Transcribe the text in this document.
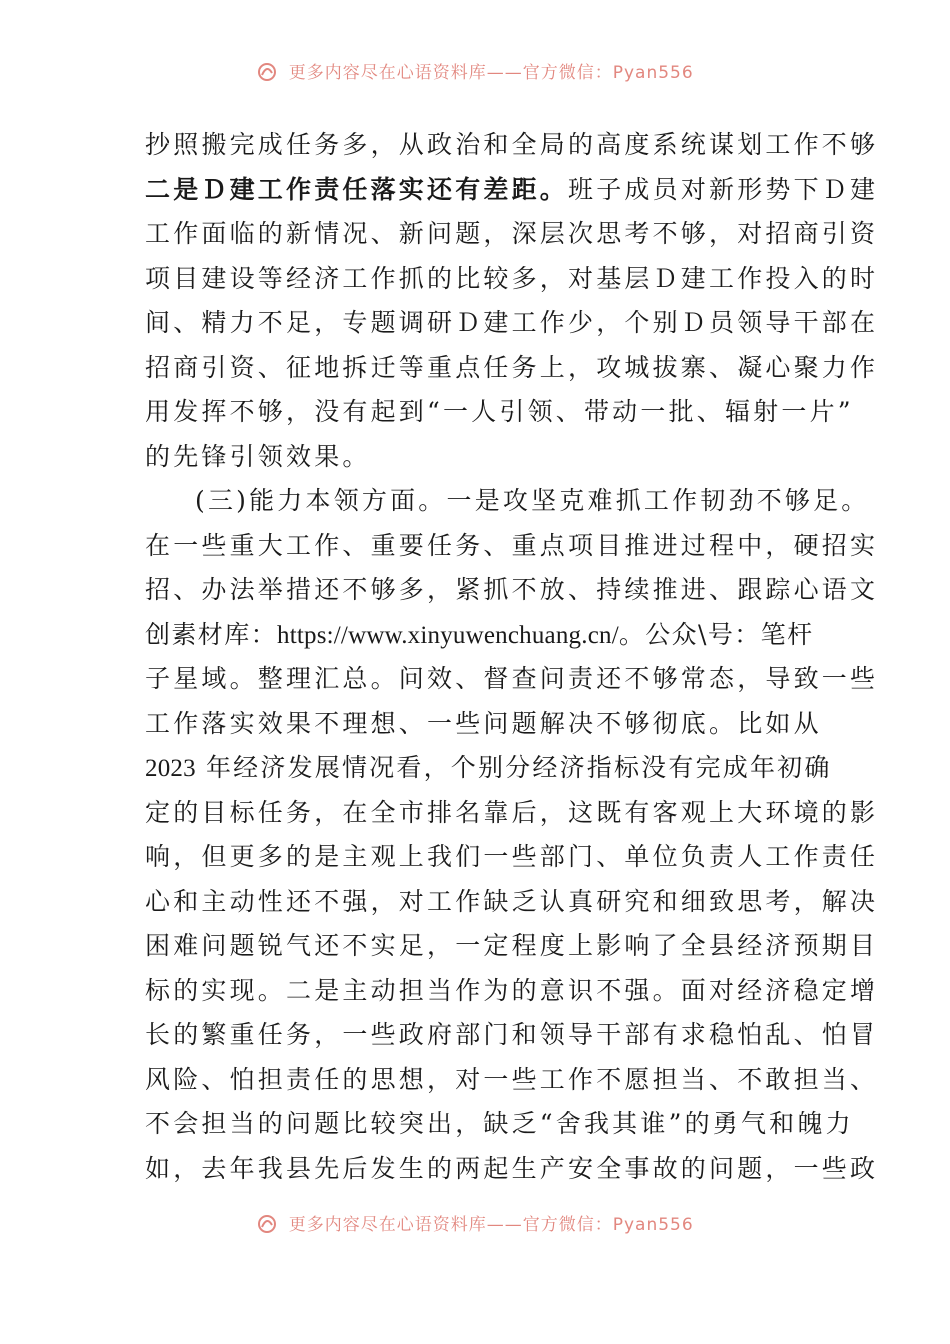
更多内容尽在心语资料库——官方微信：Pyan556
抄照搬完成任务多，从政治和全局的高度系统谋划工作不够
二是Ｄ建工作责任落实还有差距。班子成员对新形势下Ｄ建
工作面临的新情况、新问题，深层次思考不够，对招商引资
项目建设等经济工作抓的比较多，对基层Ｄ建工作投入的时
间、精力不足，专题调研Ｄ建工作少，个别Ｄ员领导干部在
招商引资、征地拆迁等重点任务上，攻城拔寨、凝心聚力作
用发挥不够，没有起到“一人引领、带动一批、辐射一片”
的先锋引领效果。
(三)能力本领方面。一是攻坚克难抓工作韧劲不够足。
在一些重大工作、重要任务、重点项目推进过程中，硬招实
招、办法举措还不够多，紧抓不放、持续推进、跟踪心语文
创素材库：https://www.xinyuwenchuang.cn/。公众\号：笔杆
子星域。整理汇总。问效、督查问责还不够常态，导致一些
工作落实效果不理想、一些问题解决不够彻底。比如从
2023 年经济发展情况看，个别分经济指标没有完成年初确
定的目标任务，在全市排名靠后，这既有客观上大环境的影
响，但更多的是主观上我们一些部门、单位负责人工作责任
心和主动性还不强，对工作缺乏认真研究和细致思考，解决
困难问题锐气还不实足，一定程度上影响了全县经济预期目
标的实现。二是主动担当作为的意识不强。面对经济稳定增
长的繁重任务，一些政府部门和领导干部有求稳怕乱、怕冒
风险、怕担责任的思想，对一些工作不愿担当、不敢担当、
不会担当的问题比较突出，缺乏“舍我其谁”的勇气和魄力
如，去年我县先后发生的两起生产安全事故的问题，一些政
更多内容尽在心语资料库——官方微信：Pyan556
